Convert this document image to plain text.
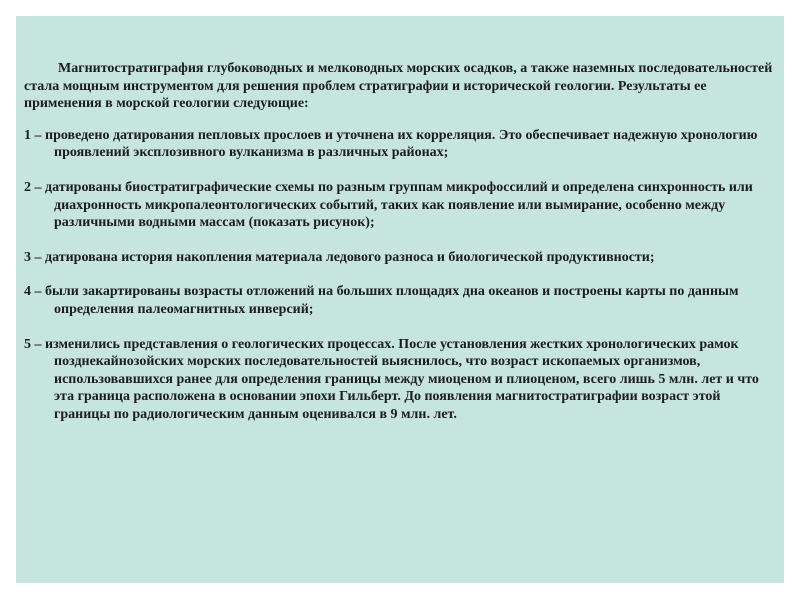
Магнитостратиграфия глубоководных и мелководных морских осадков, а также наземных последовательностей стала мощным инструментом для решения проблем стратиграфии и исторической геологии. Результаты ее применения в морской геологии следующие:

1 – проведено датирования пепловых прослоев и уточнена их корреляция. Это обеспечивает надежную хронологию проявлений эксплозивного вулканизма в различных районах;

2 – датированы биостратиграфические схемы по разным группам микрофоссилий и определена синхронность или диахронность микропалеонтологических событий, таких как появление или вымирание, особенно между различными водными массам (показать рисунок);

3 – датирована история накопления материала ледового разноса и биологической продуктивности;

4 – были закартированы возрасты отложений на больших площадях дна океанов и построены карты по данным определения палеомагнитных инверсий;

5 – изменились представления о геологических процессах. После установления жестких хронологических рамок позднекайнозойских морских последовательностей выяснилось, что возраст ископаемых организмов, использовавшихся ранее для определения границы между миоценом и плиоценом, всего лишь 5 млн. лет и что эта граница расположена в основании эпохи Гильберт. До появления магнитостратиграфии возраст этой границы по радиологическим данным оценивался в 9 млн. лет.
